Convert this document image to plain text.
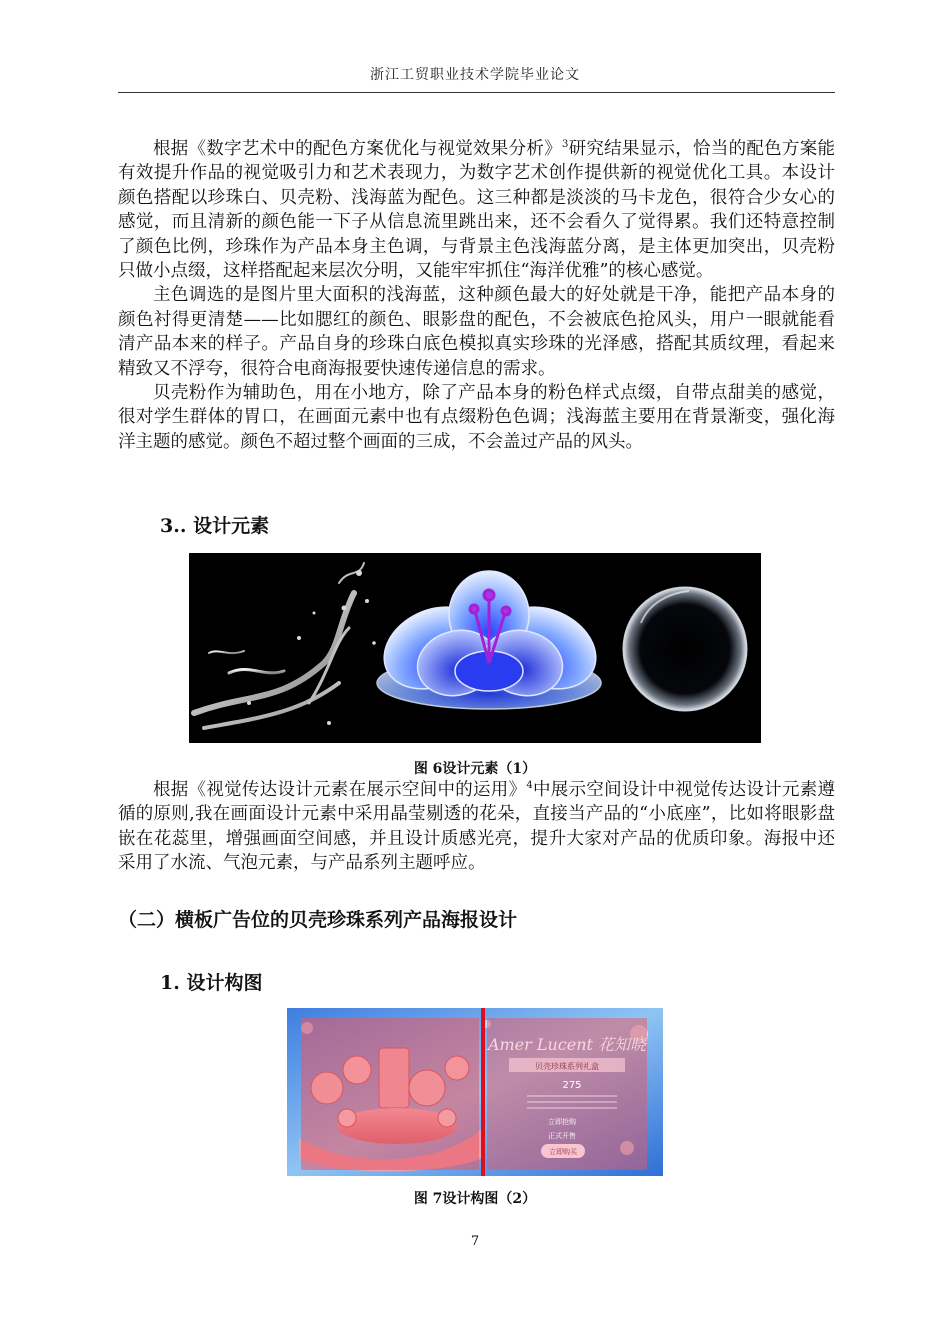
浙江工贸职业技术学院毕业论文

根据《数字艺术中的配色方案优化与视觉效果分析》$^3$研究结果显示，恰当的配色方案能有效提升作品的视觉吸引力和艺术表现力，为数字艺术创作提供新的视觉优化工具。本设计颜色搭配以珍珠白、贝壳粉、浅海蓝为配色。这三种都是淡淡的马卡龙色，很符合少女心的感觉，而且清新的颜色能一下子从信息流里跳出来，还不会看久了觉得累。我们还特意控制了颜色比例，珍珠作为产品本身主色调，与背景主色浅海蓝分离，是主体更加突出，贝壳粉只做小点缀，这样搭配起来层次分明，又能牢牢抓住“海洋优雅”的核心感觉。

主色调选的是图片里大面积的浅海蓝，这种颜色最大的好处就是干净，能把产品本身的颜色衬得更清楚——比如腮红的颜色、眼影盘的配色，不会被底色抢风头，用户一眼就能看清产品本来的样子。产品自身的珍珠白底色模拟真实珍珠的光泽感，搭配其质纹理，看起来精致又不浮夸，很符合电商海报要快速传递信息的需求。

贝壳粉作为辅助色，用在小地方，除了产品本身的粉色样式点缀，自带点甜美的感觉，很对学生群体的胃口，在画面元素中也有点缀粉色色调；浅海蓝主要用在背景渐变，强化海洋主题的感觉。颜色不超过整个画面的三成，不会盖过产品的风头。

3.. 设计元素
图 6设计元素（1）

根据《视觉传达设计元素在展示空间中的运用》$^4$中展示空间设计中视觉传达设计元素遵循的原则,我在画面设计元素中采用晶莹剔透的花朵，直接当产品的“小底座”，比如将眼影盘嵌在花蕊里，增强画面空间感，并且设计质感光亮，提升大家对产品的优质印象。海报中还采用了水流、气泡元素，与产品系列主题呼应。

（二）横板广告位的贝壳珍珠系列产品海报设计
1. 设计构图
Amer Lucent 花知晓
贝壳珍珠系列礼盒
275
立即抢购
正式开售
立即购买
图 7设计构图（2）
7
